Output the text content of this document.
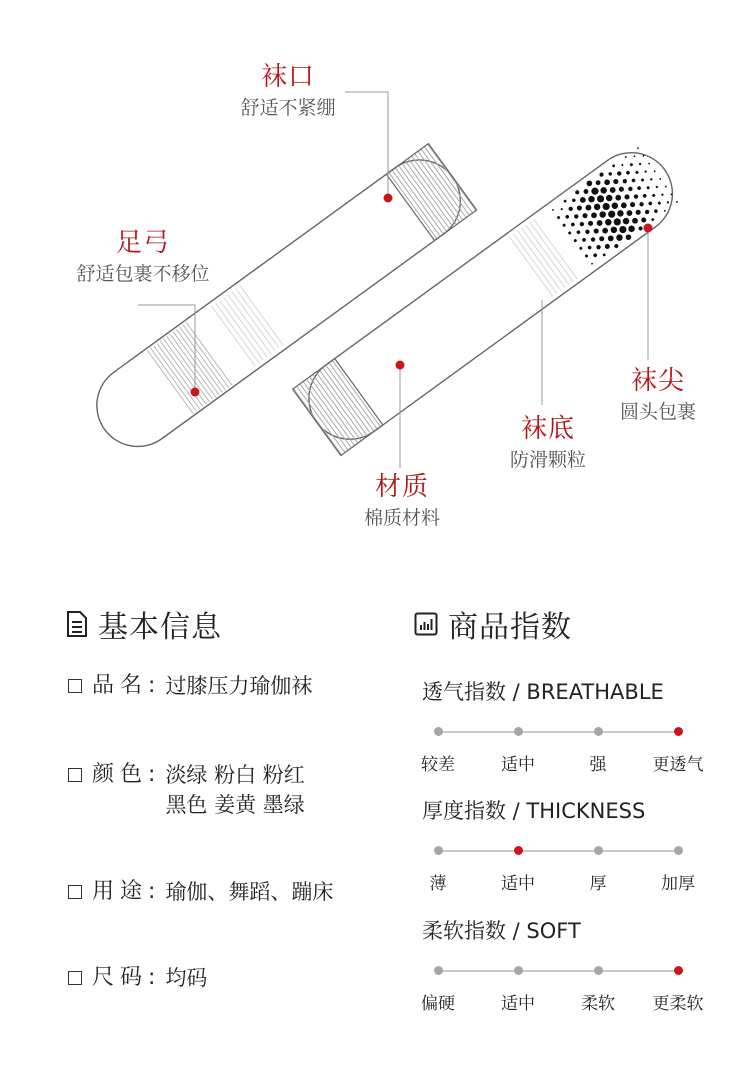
袜口
舒适不紧绷
足弓
舒适包裹不移位
袜尖
圆头包裹
袜底
防滑颗粒
材质
棉质材料
基本信息
品名 : 过膝压力瑜伽袜
颜色 : 淡绿 粉白 粉红
黑色 姜黄 墨绿
用途 : 瑜伽、舞蹈、蹦床
尺码 : 均码
商品指数
透气指数 / BREATHABLE
较差	适中	强	更透气
厚度指数 / THICKNESS
薄	适中	厚	加厚
柔软指数 / SOFT
偏硬	适中	柔软 更柔软
